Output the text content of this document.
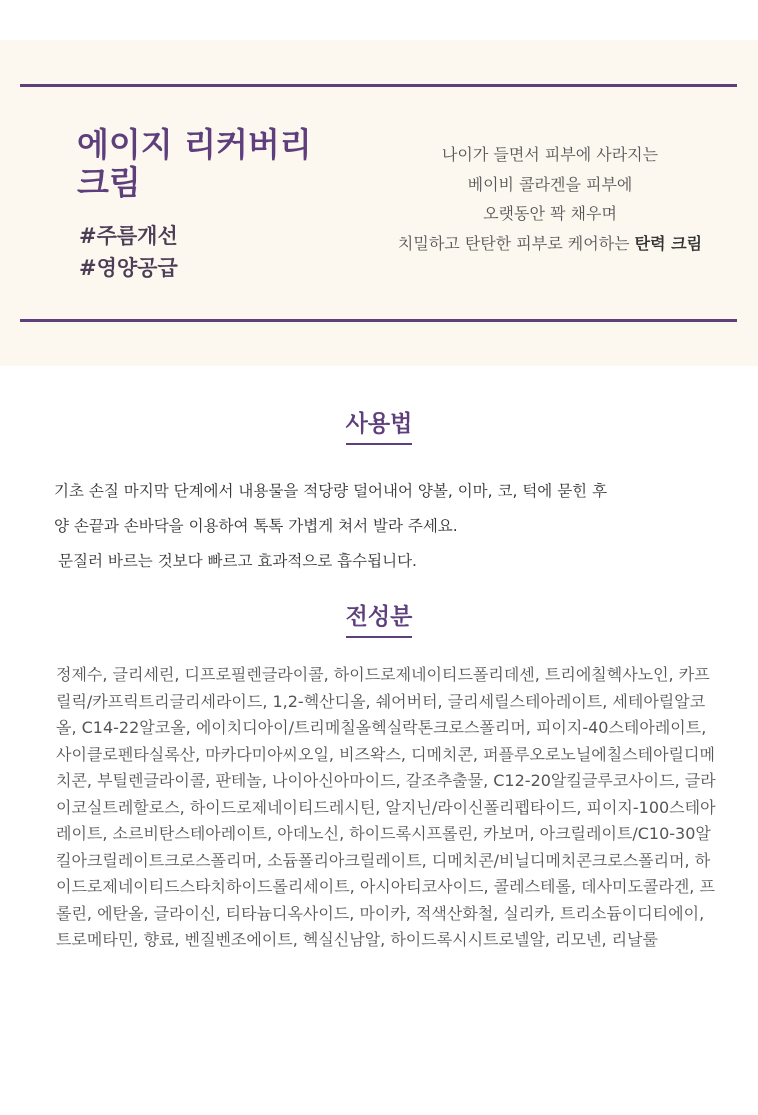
에이지 리커버리 크림
#주름개선
#영양공급
나이가 들면서 피부에 사라지는
베이비 콜라겐을 피부에
오랫동안 꽉 채우며
치밀하고 탄탄한 피부로 케어하는 탄력 크림
사용법
기초 손질 마지막 단계에서 내용물을 적당량 덜어내어 양볼, 이마, 코, 턱에 묻힌 후
양 손끝과 손바닥을 이용하여 톡톡 가볍게 쳐서 발라 주세요.
문질러 바르는 것보다 빠르고 효과적으로 흡수됩니다.
전성분

정제수, 글리세린, 디프로필렌글라이콜, 하이드로제네이티드폴리데센, 트리에칠헥사노인, 카프릴릭/카프릭트리글리세라이드, 1,2-헥산디올, 쉐어버터, 글리세릴스테아레이트, 세테아릴알코올, C14-22알코올, 에이치디아이/트리메칠올헥실락톤크로스폴리머, 피이지-40스테아레이트, 사이클로펜타실록산, 마카다미아씨오일, 비즈왁스, 디메치콘, 퍼플루오로노닐에칠스테아릴디메치콘, 부틸렌글라이콜, 판테놀, 나이아신아마이드, 갈조추출물, C12-20알킬글루코사이드, 글라이코실트레할로스, 하이드로제네이티드레시틴, 알지닌/라이신폴리펩타이드, 피이지-100스테아레이트, 소르비탄스테아레이트, 아데노신, 하이드록시프롤린, 카보머, 아크릴레이트/C10-30알킬아크릴레이트크로스폴리머, 소듐폴리아크릴레이트, 디메치콘/비닐디메치콘크로스폴리머, 하이드로제네이티드스타치하이드롤리세이트, 아시아티코사이드, 콜레스테롤, 데사미도콜라겐, 프롤린, 에탄올, 글라이신, 티타늄디옥사이드, 마이카, 적색산화철, 실리카, 트리소듐이디티에이, 트로메타민, 향료, 벤질벤조에이트, 헥실신남알, 하이드록시시트로넬알, 리모넨, 리날룰
